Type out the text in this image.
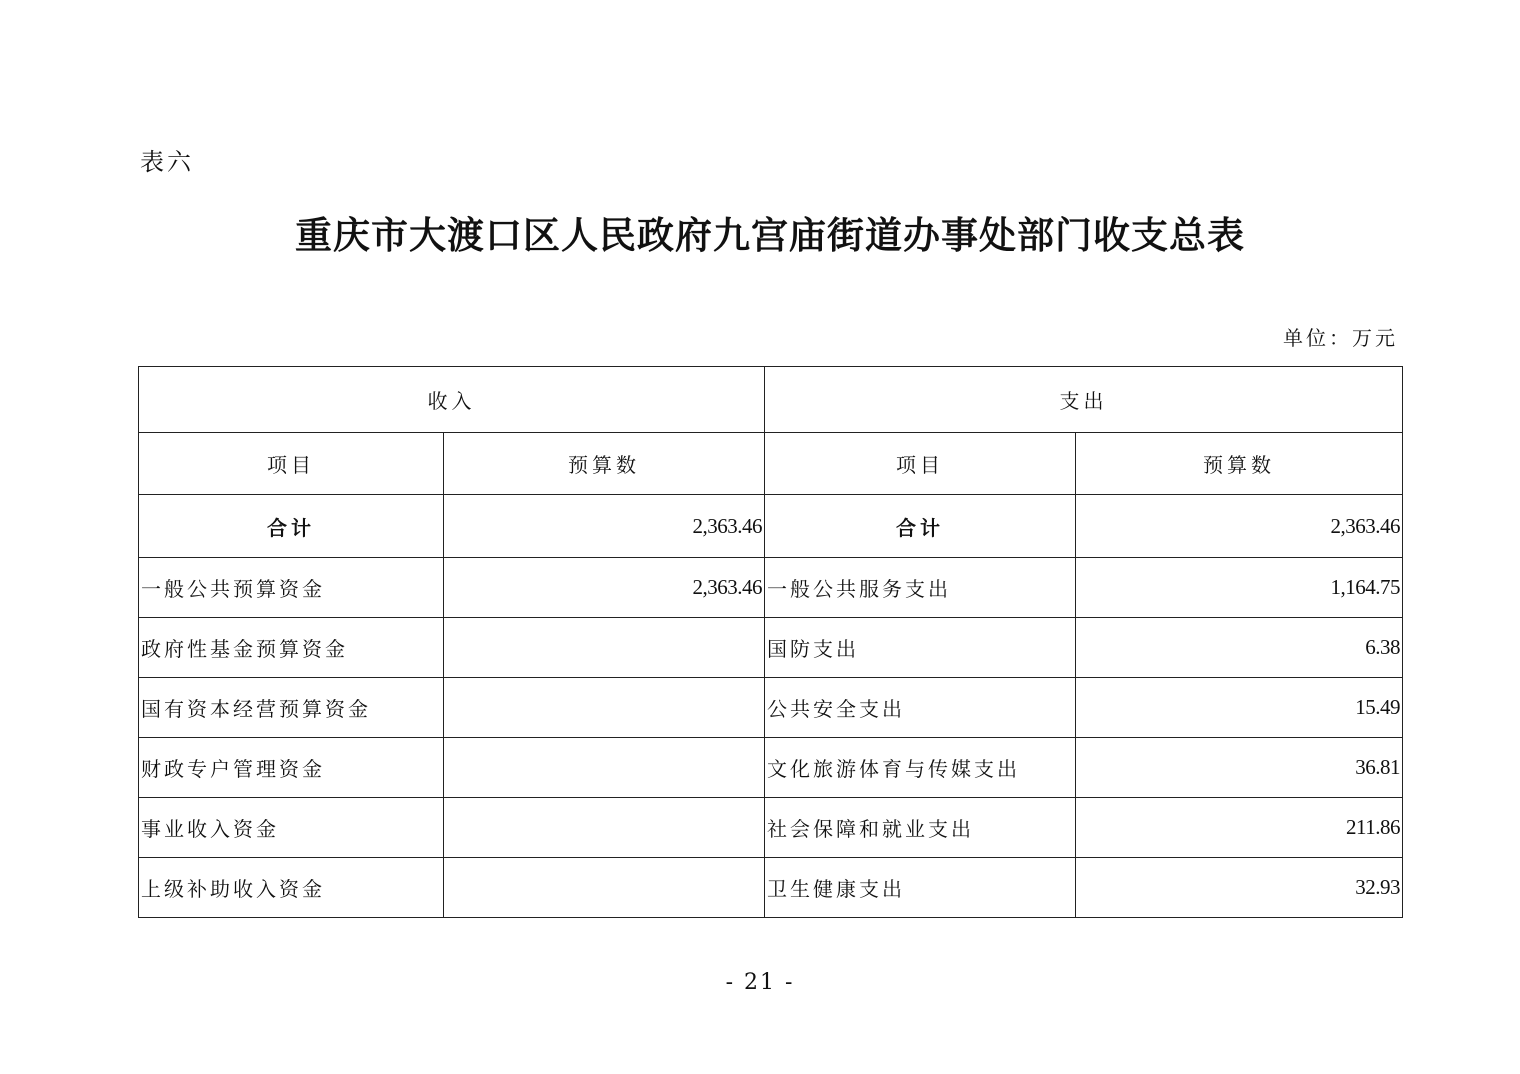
表六
重庆市大渡口区人民政府九宫庙街道办事处部门收支总表
单位：万元
收入		支出	
项目	预算数	项目	预算数
合计	2,363.46	合计	2,363.46
一般公共预算资金	2,363.46	一般公共服务支出	1,164.75
政府性基金预算资金		国防支出	6.38
国有资本经营预算资金		公共安全支出	15.49
财政专户管理资金		文化旅游体育与传媒支出	36.81
事业收入资金		社会保障和就业支出	211.86
上级补助收入资金		卫生健康支出	32.93
- 21 -
